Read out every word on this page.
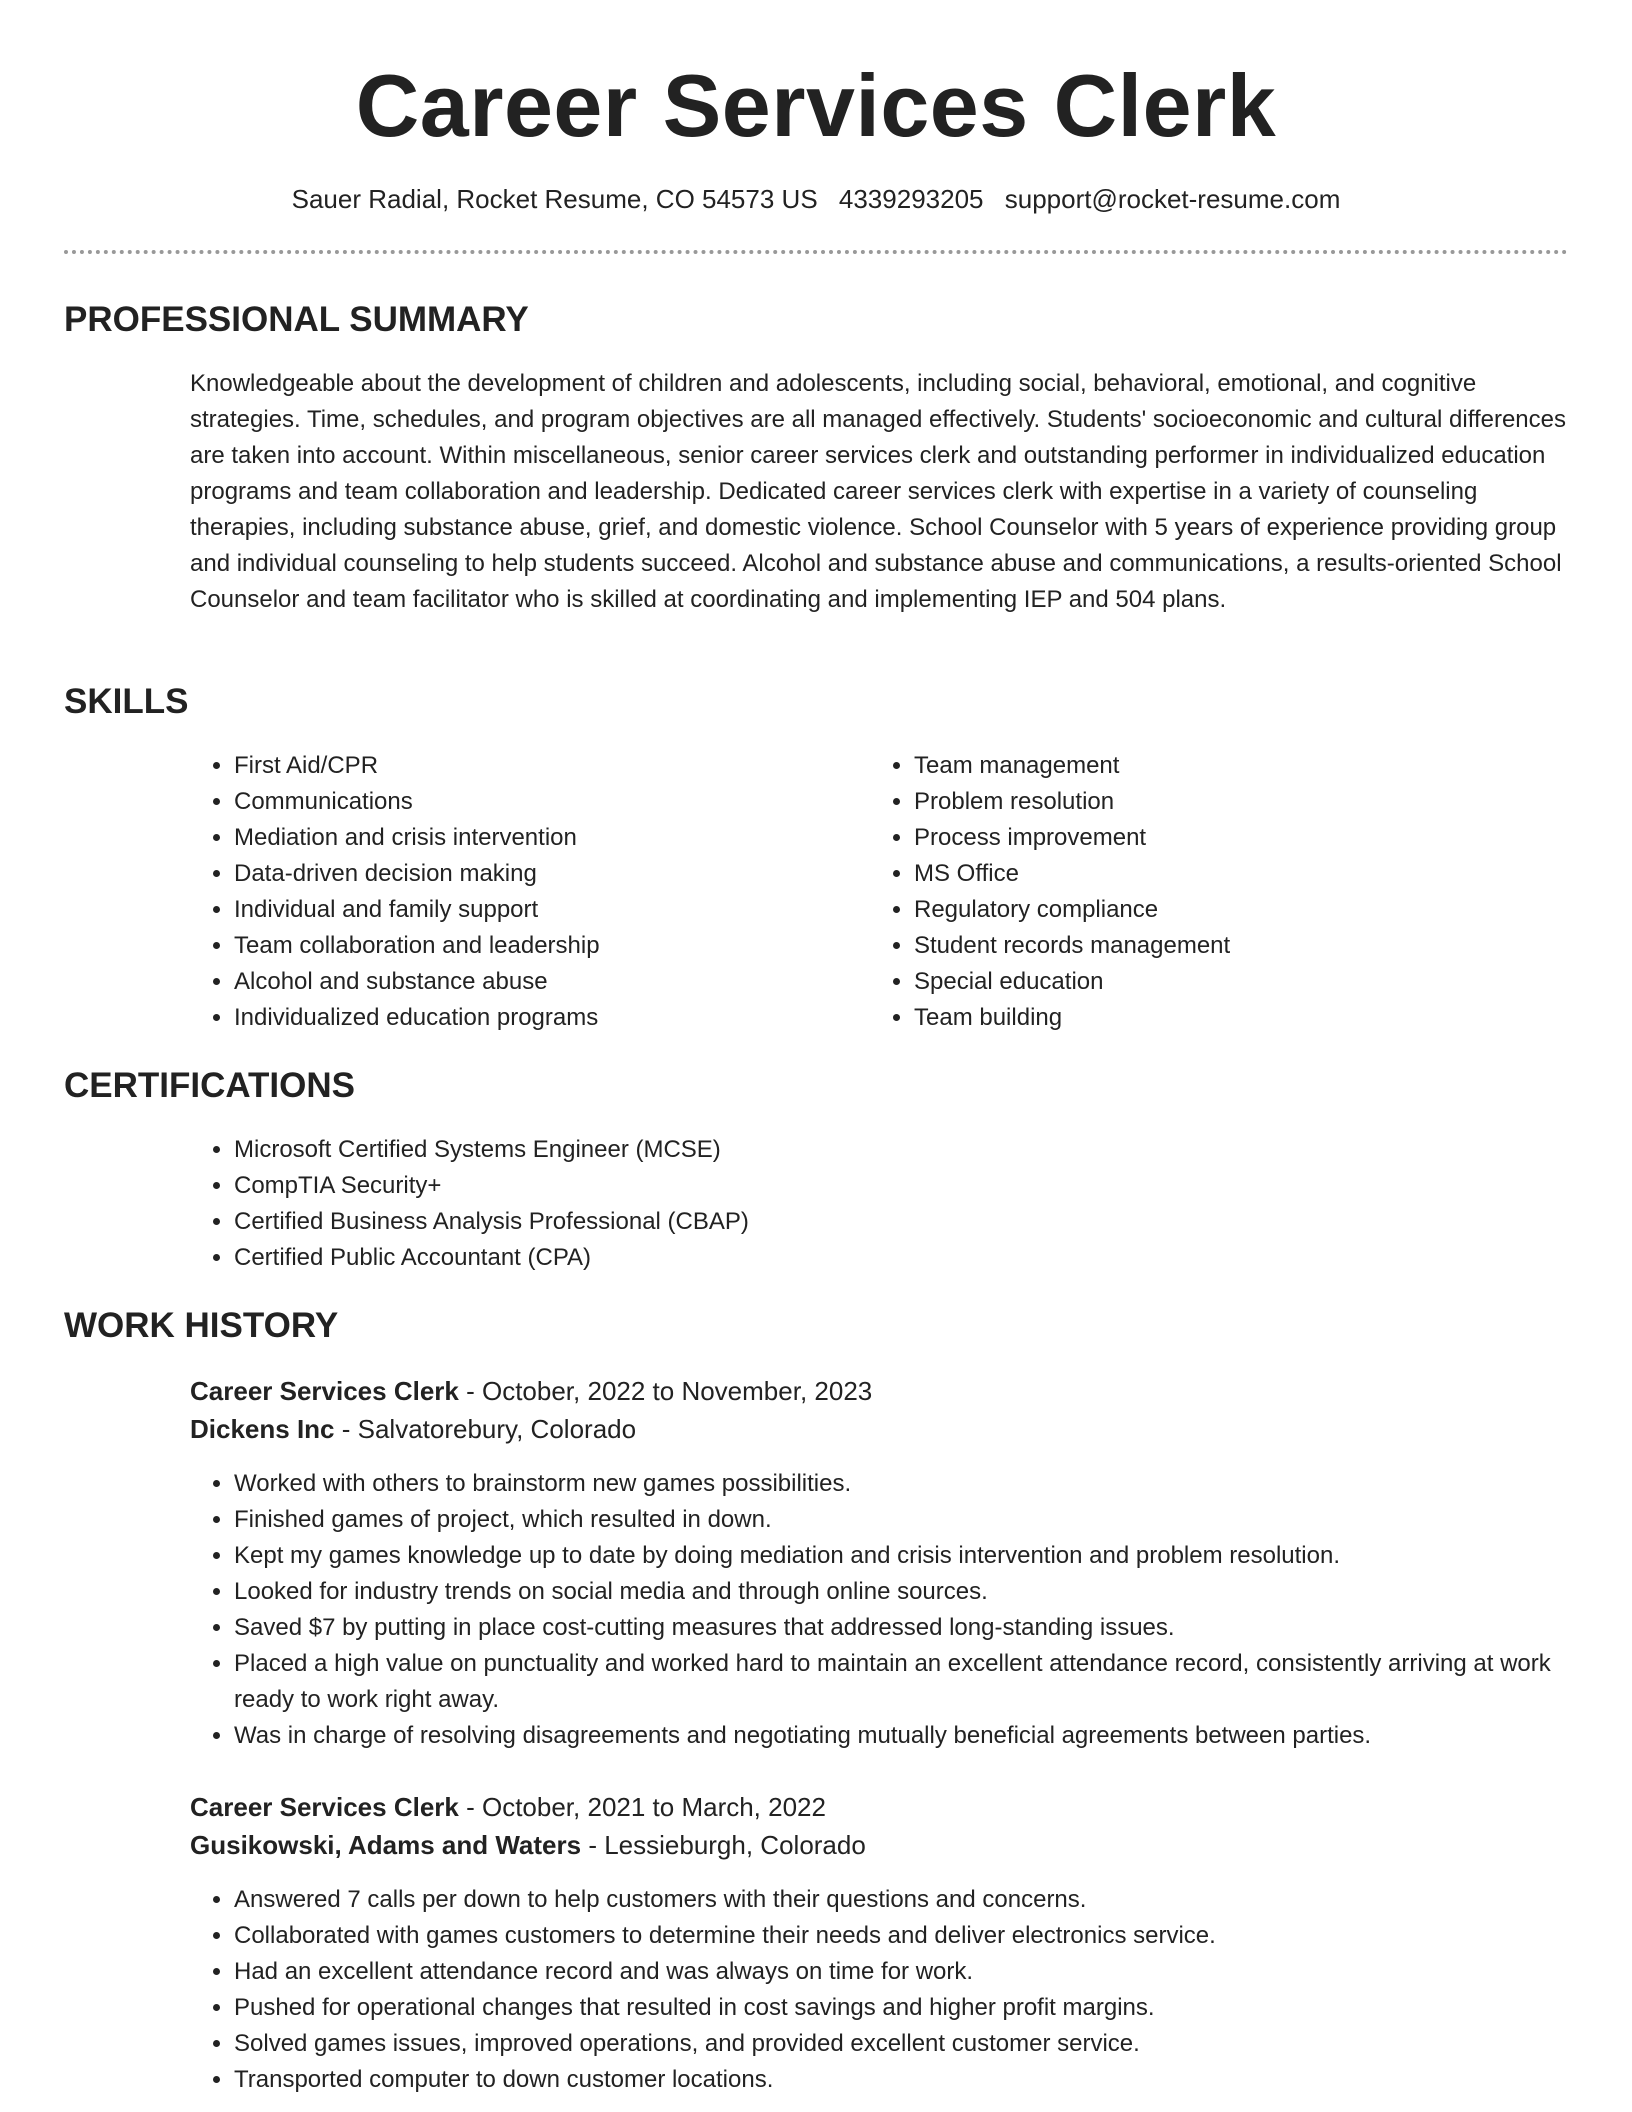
Career Services Clerk
Sauer Radial, Rocket Resume, CO 54573 US 4339293205 support@rocket-resume.com
PROFESSIONAL SUMMARY

Knowledgeable about the development of children and adolescents, including social, behavioral, emotional, and cognitive strategies. Time, schedules, and program objectives are all managed effectively. Students' socioeconomic and cultural differences are taken into account. Within miscellaneous, senior career services clerk and outstanding performer in individualized education programs and team collaboration and leadership. Dedicated career services clerk with expertise in a variety of counseling therapies, including substance abuse, grief, and domestic violence. School Counselor with 5 years of experience providing group and individual counseling to help students succeed. Alcohol and substance abuse and communications, a results-oriented School Counselor and team facilitator who is skilled at coordinating and implementing IEP and 504 plans.

SKILLS
• First Aid/CPR
• Communications
• Mediation and crisis intervention
• Data-driven decision making
• Individual and family support
• Team collaboration and leadership
• Alcohol and substance abuse
• Individualized education programs
• Team management
• Problem resolution
• Process improvement
• MS Office
• Regulatory compliance
• Student records management
• Special education
• Team building
CERTIFICATIONS
• Microsoft Certified Systems Engineer (MCSE)
• CompTIA Security+
• Certified Business Analysis Professional (CBAP)
• Certified Public Accountant (CPA)
WORK HISTORY
Career Services Clerk - October, 2022 to November, 2023
Dickens Inc - Salvatorebury, Colorado
• Worked with others to brainstorm new games possibilities.
• Finished games of project, which resulted in down.
• Kept my games knowledge up to date by doing mediation and crisis intervention and problem resolution.
• Looked for industry trends on social media and through online sources.
• Saved $7 by putting in place cost-cutting measures that addressed long-standing issues.
• Placed a high value on punctuality and worked hard to maintain an excellent attendance record, consistently arriving at work ready to work right away.
• Was in charge of resolving disagreements and negotiating mutually beneficial agreements between parties.
Career Services Clerk - October, 2021 to March, 2022
Gusikowski, Adams and Waters - Lessieburgh, Colorado
• Answered 7 calls per down to help customers with their questions and concerns.
• Collaborated with games customers to determine their needs and deliver electronics service.
• Had an excellent attendance record and was always on time for work.
• Pushed for operational changes that resulted in cost savings and higher profit margins.
• Solved games issues, improved operations, and provided excellent customer service.
• Transported computer to down customer locations.
